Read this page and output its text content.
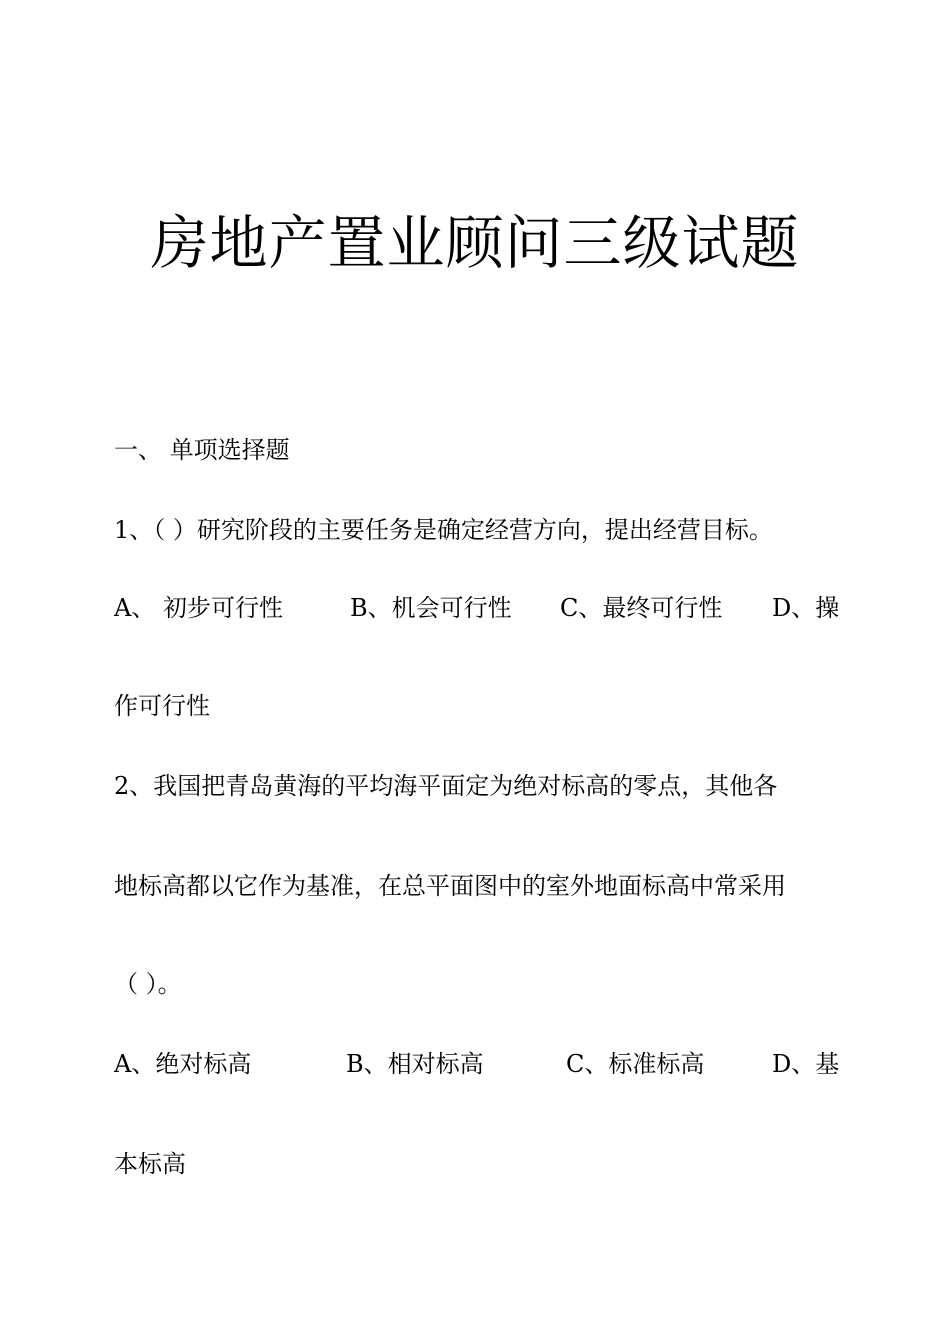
房地产置业顾问三级试题
一、 单项选择题
1、（ ）研究阶段的主要任务是确定经营方向，提出经营目标。
A、 初步可行性	B、机会可行性 C、最终可行性 D、操
作可行性
2、我国把青岛黄海的平均海平面定为绝对标高的零点，其他各
地标高都以它作为基准，在总平面图中的室外地面标高中常采用
（ ）。
A、绝对标高	B、相对标高	C、标准标高	D、基
本标高
